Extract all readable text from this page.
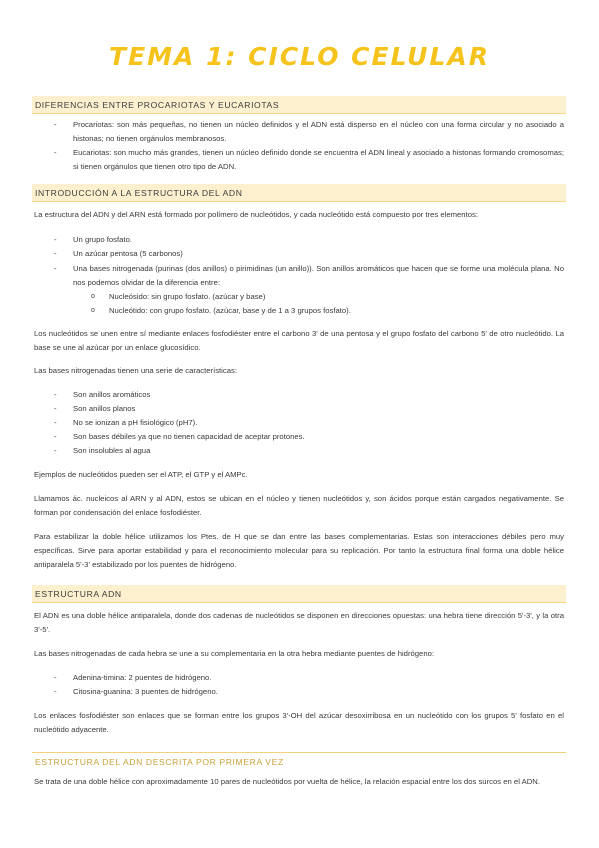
TEMA 1: CICLO CELULAR
DIFERENCIAS ENTRE PROCARIOTAS Y EUCARIOTAS
- Procariotas: son más pequeñas, no tienen un núcleo definidos y el ADN está disperso en el núcleo con una forma circular y no asociado a histonas; no tienen orgánulos membranosos.
- Eucariotas: son mucho más grandes, tienen un núcleo definido donde se encuentra el ADN lineal y asociado a histonas formando cromosomas; si tienen orgánulos que tienen otro tipo de ADN.
INTRODUCCIÓN A LA ESTRUCTURA DEL ADN
La estructura del ADN y del ARN está formado por polímero de nucleótidos, y cada nucleótido está compuesto por tres elementos:
- Un grupo fosfato.
- Un azúcar pentosa (5 carbonos)
- Una bases nitrogenada (purinas (dos anillos) o pirimidinas (un anillo)). Son anillos aromáticos que hacen que se forme una molécula plana. No nos podemos olvidar de la diferencia entre:
o Nucleósido: sin grupo fosfato. (azúcar y base)
o Nucleótido: con grupo fosfato. (azúcar, base y de 1 a 3 grupos fosfato).
Los nucleótidos se unen entre sí mediante enlaces fosfodiéster entre el carbono 3' de una pentosa y el grupo fosfato del carbono 5' de otro nucleótido. La base se une al azúcar por un enlace glucosídico.
Las bases nitrogenadas tienen una serie de características:
- Son anillos aromáticos
- Son anillos planos
- No se ionizan a pH fisiológico (pH7).
- Son bases débiles ya que no tienen capacidad de aceptar protones.
- Son insolubles al agua
Ejemplos de nucleótidos pueden ser el ATP, el GTP y el AMPc.
Llamamos ác. nucleicos al ARN y al ADN, estos se ubican en el núcleo y tienen nucleótidos y, son ácidos porque están cargados negativamente. Se forman por condensación del enlace fosfodiéster.
Para estabilizar la doble hélice utilizamos los Ptes. de H que se dan entre las bases complementarias. Estas son interacciones débiles pero muy específicas. Sirve para aportar estabilidad y para el reconocimiento molecular para su replicación. Por tanto la estructura final forma una doble hélice antiparalela 5'-3' estabilizado por los puentes de hidrógeno.
ESTRUCTURA ADN
El ADN es una doble hélice antiparalela, donde dos cadenas de nucleótidos se disponen en direcciones opuestas: una hebra tiene dirección 5'-3', y la otra 3'-5'.
Las bases nitrogenadas de cada hebra se une a su complementaria en la otra hebra mediante puentes de hidrógeno:
- Adenina-timina: 2 puentes de hidrógeno.
- Citosina-guanina: 3 puentes de hidrógeno.
Los enlaces fosfodiéster son enlaces que se forman entre los grupos 3'-OH del azúcar desoxirribosa en un nucleótido con los grupos 5' fosfato en el nucleótido adyacente.
ESTRUCTURA DEL ADN DESCRITA POR PRIMERA VEZ
Se trata de una doble hélice con aproximadamente 10 pares de nucleótidos por vuelta de hélice, la relación espacial entre los dos surcos en el ADN.
